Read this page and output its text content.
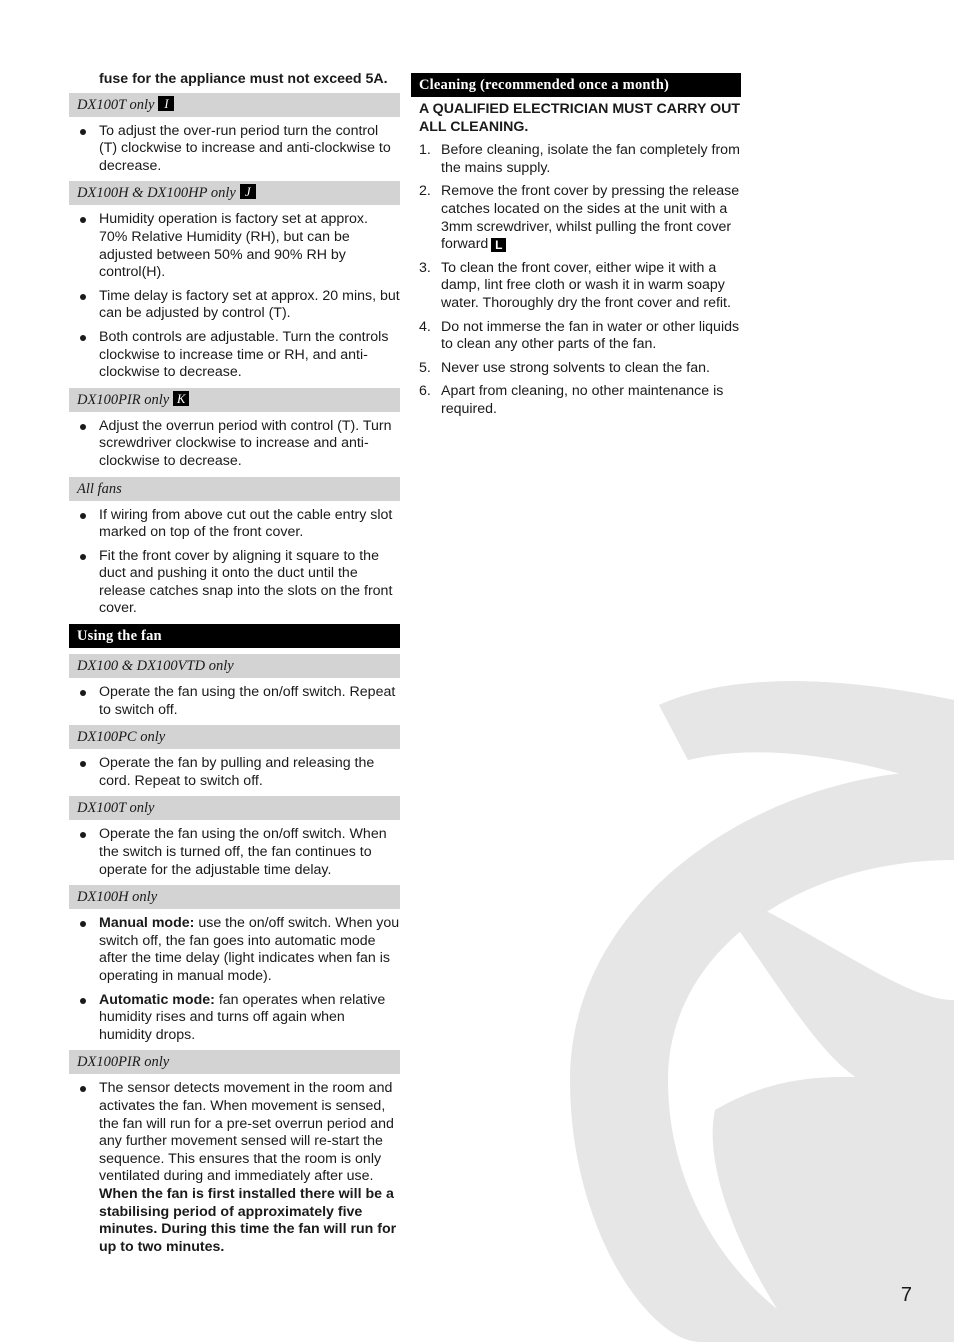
fuse for the appliance must not exceed 5A.
DX100T only I
To adjust the over-run period turn the control (T) clockwise to increase and anti-clockwise to decrease.
DX100H & DX100HP only J
Humidity operation is factory set at approx. 70% Relative Humidity (RH), but can be adjusted between 50% and 90% RH by control(H).
Time delay is factory set at approx. 20 mins, but can be adjusted by control (T).
Both controls are adjustable. Turn the controls clockwise to increase time or RH, and anti-clockwise to decrease.
DX100PIR only K
Adjust the overrun period with control (T). Turn screwdriver clockwise to increase and anti-clockwise to decrease.
All fans
If wiring from above cut out the cable entry slot marked on top of the front cover.
Fit the front cover by aligning it square to the duct and pushing it onto the duct until the release catches snap into the slots on the front cover.
Using the fan
DX100 & DX100VTD only
Operate the fan using the on/off switch. Repeat to switch off.
DX100PC only
Operate the fan by pulling and releasing the cord. Repeat to switch off.
DX100T only
Operate the fan using the on/off switch. When the switch is turned off, the fan continues to operate for the adjustable time delay.
DX100H only
Manual mode: use the on/off switch. When you switch off, the fan goes into automatic mode after the time delay (light indicates when fan is operating in manual mode).
Automatic mode: fan operates when relative humidity rises and turns off again when humidity drops.
DX100PIR only
The sensor detects movement in the room and activates the fan. When movement is sensed, the fan will run for a pre-set overrun period and any further movement sensed will re-start the sequence. This ensures that the room is only ventilated during and immediately after use. When the fan is first installed there will be a stabilising period of approximately five minutes. During this time the fan will run for up to two minutes.
Cleaning (recommended once a month)
A QUALIFIED ELECTRICIAN MUST CARRY OUT ALL CLEANING.
1. Before cleaning, isolate the fan completely from the mains supply.
2. Remove the front cover by pressing the release catches located on the sides at the unit with a 3mm screwdriver, whilst pulling the front cover forward L
3. To clean the front cover, either wipe it with a damp, lint free cloth or wash it in warm soapy water. Thoroughly dry the front cover and refit.
4. Do not immerse the fan in water or other liquids to clean any other parts of the fan.
5. Never use strong solvents to clean the fan.
6. Apart from cleaning, no other maintenance is required.
7
